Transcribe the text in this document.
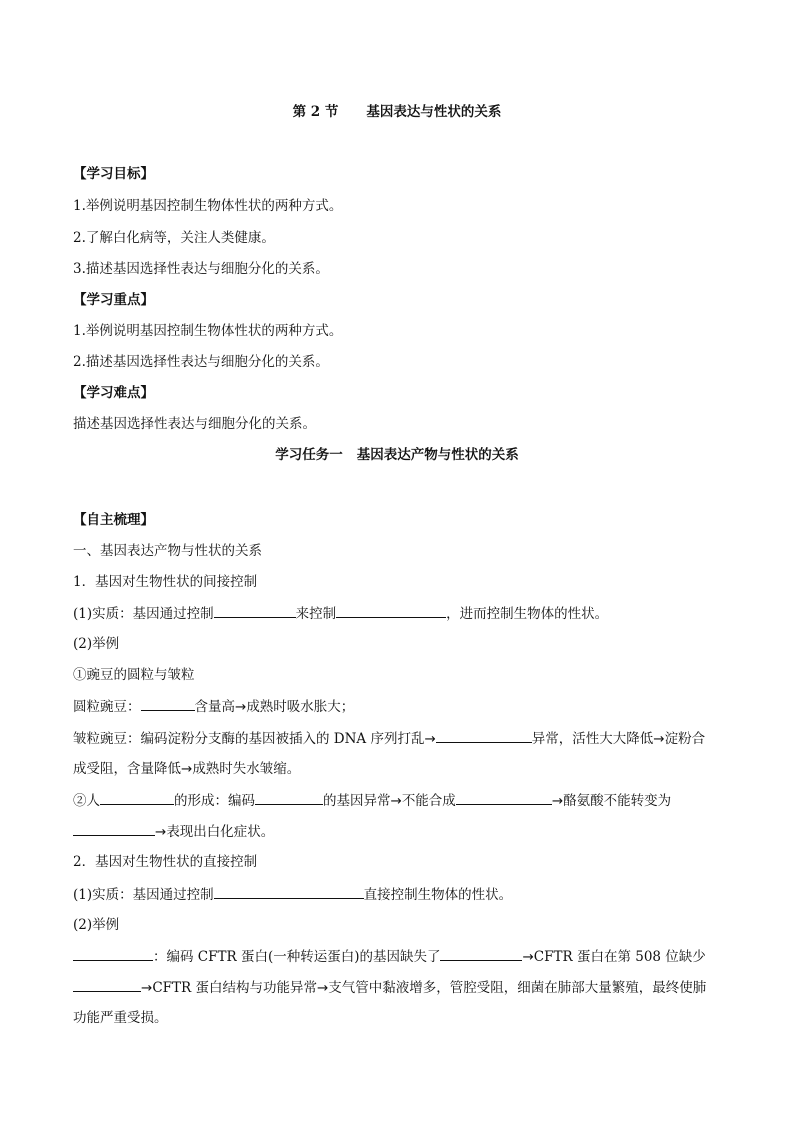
第 2 节 基因表达与性状的关系
【学习目标】
1.举例说明基因控制生物体性状的两种方式。
2.了解白化病等，关注人类健康。
3.描述基因选择性表达与细胞分化的关系。
【学习重点】
1.举例说明基因控制生物体性状的两种方式。
2.描述基因选择性表达与细胞分化的关系。
【学习难点】
描述基因选择性表达与细胞分化的关系。
学习任务一 基因表达产物与性状的关系
【自主梳理】
一、基因表达产物与性状的关系
1．基因对生物性状的间接控制
(1)实质：基因通过控制	来控制	，进而控制生物体的性状。
(2)举例
①豌豆的圆粒与皱粒
圆粒豌豆：	含量高→成熟时吸水胀大；
皱粒豌豆：编码淀粉分支酶的基因被插入的 DNA 序列打乱→	异常，活性大大降低→淀粉合
成受阻，含量降低→成熟时失水皱缩。
②人	的形成：编码	的基因异常→不能合成	→酪氨酸不能转变为
→表现出白化症状。
2．基因对生物性状的直接控制
(1)实质：基因通过控制	直接控制生物体的性状。
(2)举例
：编码 CFTR 蛋白(一种转运蛋白)的基因缺失了	→CFTR 蛋白在第 508 位缺少
→CFTR 蛋白结构与功能异常→支气管中黏液增多，管腔受阻，细菌在肺部大量繁殖，最终使肺
功能严重受损。
